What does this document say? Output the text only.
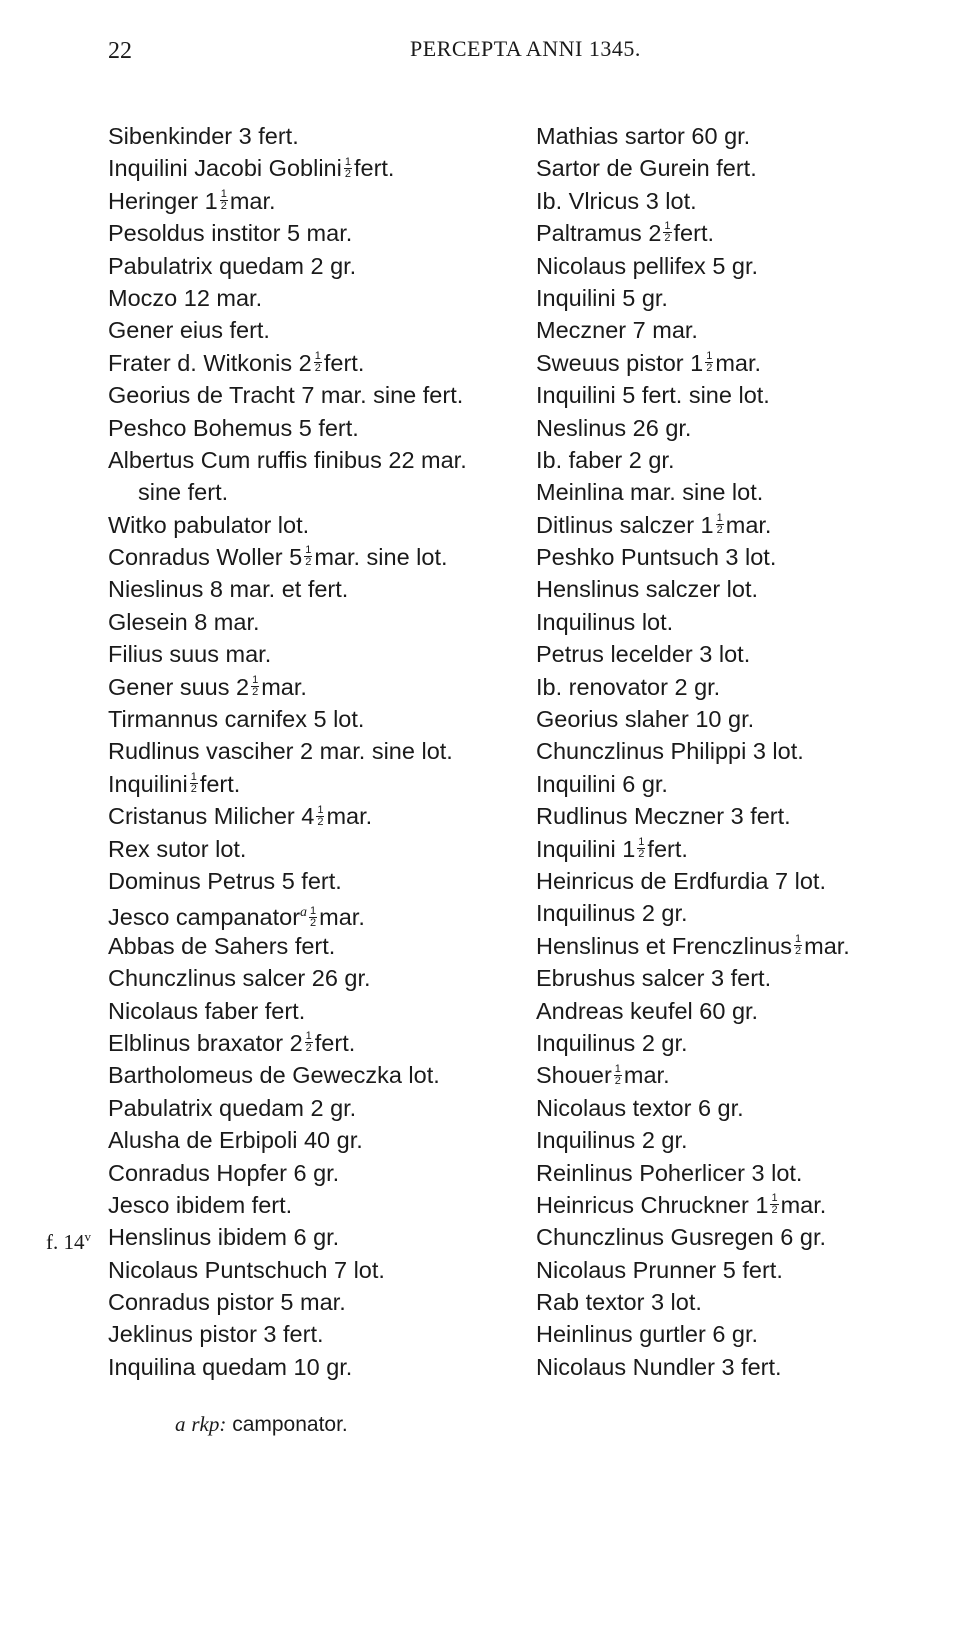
22	PERCEPTA ANNI 1345.
Sibenkinder 3 fert.
Inquilini Jacobi Goblini $\frac{1}{2}$ fert.
Heringer $1 \frac{1}{2}$ mar.
Pesoldus institor 5 mar.
Pabulatrix quedam 2 gr.
Moczo 12 mar.
Gener eius fert.
Frater d. Witkonis $2 \frac{1}{2}$ fert.
Georius de Tracht 7 mar. sine fert.
Peshco Bohemus 5 fert.
Albertus Cum ruffis finibus 22 mar.
sine fert.
Witko pabulator lot.
Conradus Woller $5 \frac{1}{2}$ mar. sine lot.
Nieslinus 8 mar. et fert.
Glesein 8 mar.
Filius suus mar.
Gener suus $2 \frac{1}{2}$ mar.
Tirmannus carnifex 5 lot.
Rudlinus vasciher 2 mar. sine lot.
Inquilini $\frac{1}{2}$ fert.
Cristanus Milicher $4 \frac{1}{2}$ mar.
Rex sutor lot.
Dominus Petrus 5 fert.
Jesco campanator$^a$ $\frac{1}{2}$ mar.
Abbas de Sahers fert.
Chunczlinus salcer 26 gr.
Nicolaus faber fert.
Elblinus braxator $2 \frac{1}{2}$ fert.
Bartholomeus de Geweczka lot.
Pabulatrix quedam 2 gr.
Alusha de Erbipoli 40 gr.
Conradus Hopfer 6 gr.
Jesco ibidem fert.
f. 14$^v$ Henslinus ibidem 6 gr.
Nicolaus Puntschuch 7 lot.
Conradus pistor 5 mar.
Jeklinus pistor 3 fert.
Inquilina quedam 10 gr.
Mathias sartor 60 gr.
Sartor de Gurein fert.
Ib. Vlricus 3 lot.
Paltramus $2 \frac{1}{2}$ fert.
Nicolaus pellifex 5 gr.
Inquilini 5 gr.
Meczner 7 mar.
Sweuus pistor $1 \frac{1}{2}$ mar.
Inquilini 5 fert. sine lot.
Neslinus 26 gr.
Ib. faber 2 gr.
Meinlina mar. sine lot.
Ditlinus salczer $1 \frac{1}{2}$ mar.
Peshko Puntsuch 3 lot.
Henslinus salczer lot.
Inquilinus lot.
Petrus lecelder 3 lot.
Ib. renovator 2 gr.
Georius slaher 10 gr.
Chunczlinus Philippi 3 lot.
Inquilini 6 gr.
Rudlinus Meczner 3 fert.
Inquilini $1 \frac{1}{2}$ fert.
Heinricus de Erdfurdia 7 lot.
Inquilinus 2 gr.
Henslinus et Frenczlinus $\frac{1}{2}$ mar.
Ebrushus salcer 3 fert.
Andreas keufel 60 gr.
Inquilinus 2 gr.
Shouer $\frac{1}{2}$ mar.
Nicolaus textor 6 gr.
Inquilinus 2 gr.
Reinlinus Poherlicer 3 lot.
Heinricus Chruckner $1 \frac{1}{2}$ mar.
Chunczlinus Gusregen 6 gr.
Nicolaus Prunner 5 fert.
Rab textor 3 lot.
Heinlinus gurtler 6 gr.
Nicolaus Nundler 3 fert.
a rkp: camponator.
